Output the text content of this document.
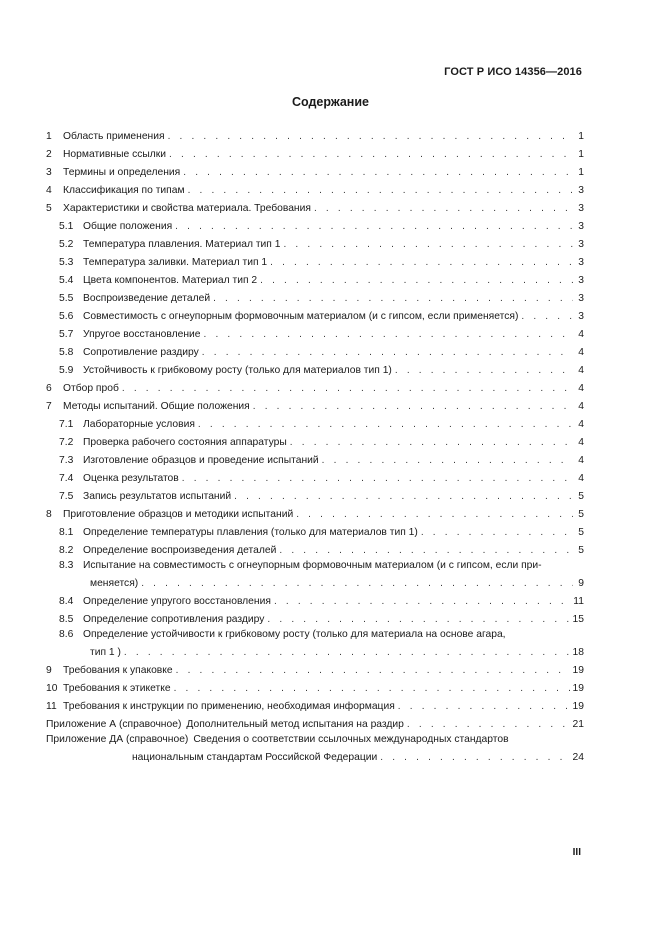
ГОСТ Р ИСО 14356—2016
Содержание
1	Область применения . . .	1
2	Нормативные ссылки . . .	1
3	Термины и определения . . .	1
4	Классификация по типам . . .	3
5	Характеристики и свойства материала. Требования . . .	3
5.1 Общие положения . . .	3
5.2 Температура плавления. Материал тип 1 . . .	3
5.3 Температура заливки. Материал тип 1 . . .	3
5.4 Цвета компонентов. Материал тип 2 . . .	3
5.5 Воспроизведение деталей . . .	3
5.6 Совместимость с огнеупорным формовочным материалом (и с гипсом, если применяется) . . .	3
5.7 Упругое восстановление . . .	4
5.8 Сопротивление раздиру . . .	4
5.9 Устойчивость к грибковому росту (только для материалов тип 1) . . .	4
6	Отбор проб . . .	4
7	Методы испытаний. Общие положения . . .	4
7.1 Лабораторные условия . . .	4
7.2 Проверка рабочего состояния аппаратуры . . .	4
7.3 Изготовление образцов и проведение испытаний . . .	4
7.4 Оценка результатов . . .	4
7.5 Запись результатов испытаний . . .	5
8	Приготовление образцов и методики испытаний . . .	5
8.1 Определение температуры плавления (только для материалов тип 1) . . .	5
8.2 Определение воспроизведения деталей . . .	5
8.3 Испытание на совместимость с огнеупорным формовочным материалом (и с гипсом, если при-
меняется) . . .	9
8.4 Определение упругого восстановления . . .	11
8.5 Определение сопротивления раздиру . . .	15
8.6 Определение устойчивости к грибковому росту (только для материала на основе агара,
тип 1 ) . . .	18
9	Требования к упаковке . . .	19
10 Требования к этикетке . . .	19
11 Требования к инструкции по применению, необходимая информация . . .	19
Приложение А (справочное) Дополнительный метод испытания на раздир . . .	21
Приложение ДА (справочное) Сведения о соответствии ссылочных международных стандартов
национальным стандартам Российской Федерации . . .	24
III
